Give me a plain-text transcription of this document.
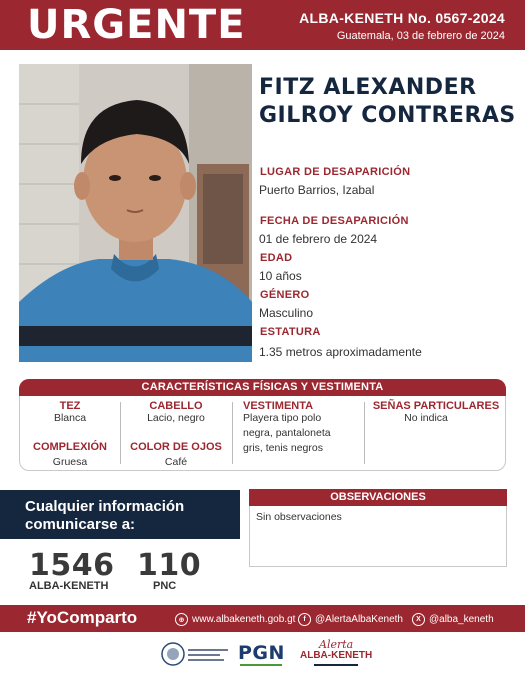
URGENTE	ALBA-KENETH No. 0567-2024
Guatemala, 03 de febrero de 2024
FITZ ALEXANDER
GILROY CONTRERAS
LUGAR DE DESAPARICIÓN
Puerto Barrios, Izabal
FECHA DE DESAPARICIÓN
01 de febrero de 2024
EDAD
10 años
GÉNERO
Masculino
ESTATURA
1.35 metros aproximadamente
CARACTERÍSTICAS FÍSICAS Y VESTIMENTA
TEZ
Blanca
CABELLO
Lacio, negro
VESTIMENTA
Playera tipo polo
negra, pantaloneta
gris, tenis negros
SEÑAS PARTICULARES
No indica
COMPLEXIÓN
Gruesa
COLOR DE OJOS
Café
Cualquier información
comunicarse a:
1546
ALBA-KENETH
110
PNC
OBSERVACIONES
Sin observaciones
#YoComparto	⊕ www.albakeneth.gob.gt	f @AlertaAlbaKeneth	X @alba_keneth
PGN	Alerta
ALBA-KENETH
